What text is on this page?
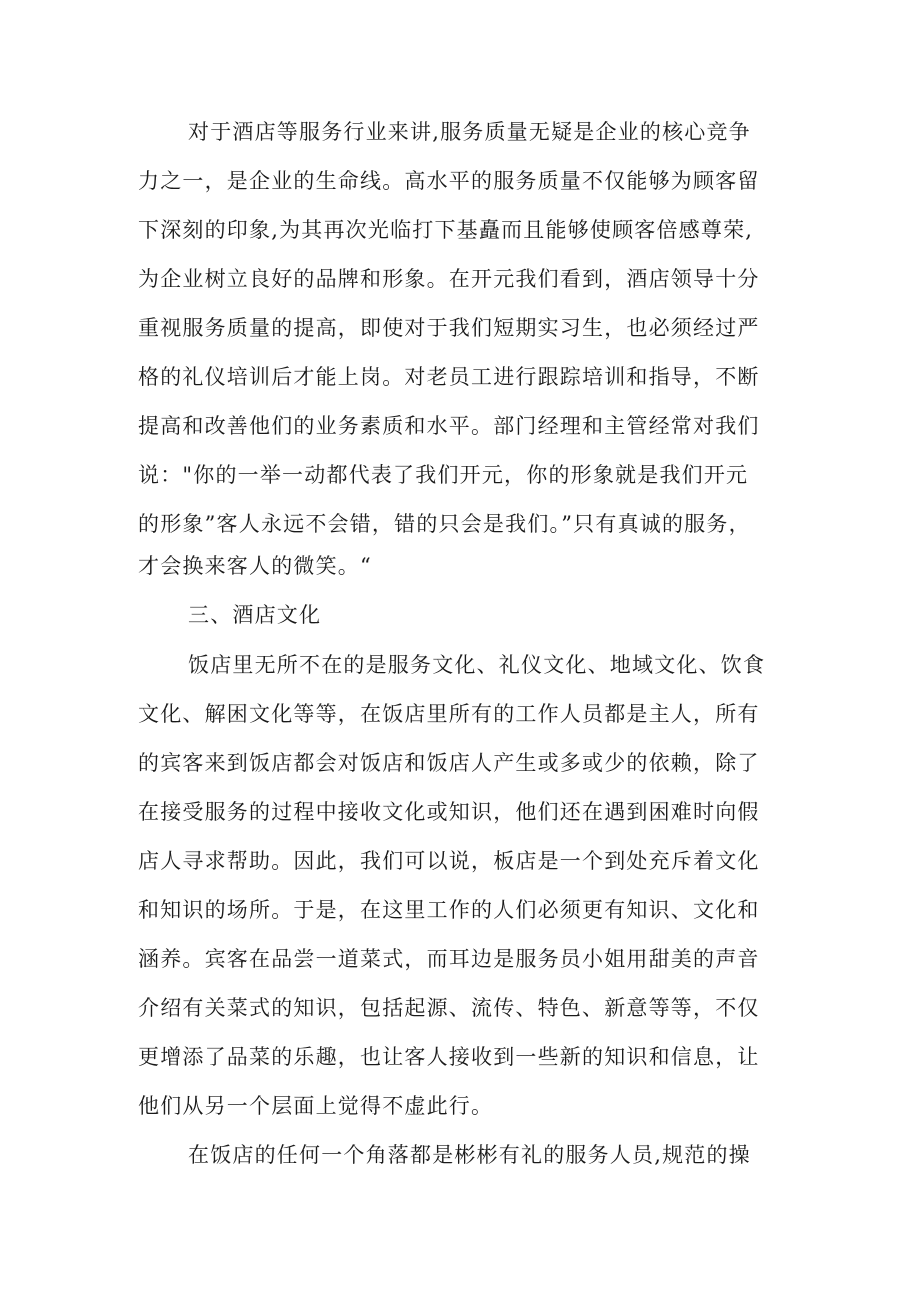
对于酒店等服务行业来讲,服务质量无疑是企业的核心竞争
力之一，是企业的生命线。高水平的服务质量不仅能够为顾客留
下深刻的印象,为其再次光临打下基矗而且能够使顾客倍感尊荣,
为企业树立良好的品牌和形象。在开元我们看到，酒店领导十分
重视服务质量的提高，即使对于我们短期实习生，也必须经过严
格的礼仪培训后才能上岗。对老员工进行跟踪培训和指导，不断
提高和改善他们的业务素质和水平。部门经理和主管经常对我们
说："你的一举一动都代表了我们开元，你的形象就是我们开元
的形象”客人永远不会错，错的只会是我们。”只有真诚的服务，
才会换来客人的微笑。“
三、酒店文化
饭店里无所不在的是服务文化、礼仪文化、地域文化、饮食
文化、解困文化等等，在饭店里所有的工作人员都是主人，所有
的宾客来到饭店都会对饭店和饭店人产生或多或少的依赖，除了
在接受服务的过程中接收文化或知识，他们还在遇到困难时向假
店人寻求帮助。因此，我们可以说，板店是一个到处充斥着文化
和知识的场所。于是，在这里工作的人们必须更有知识、文化和
涵养。宾客在品尝一道菜式，而耳边是服务员小姐用甜美的声音
介绍有关菜式的知识，包括起源、流传、特色、新意等等，不仅
更增添了品菜的乐趣，也让客人接收到一些新的知识和信息，让
他们从另一个层面上觉得不虚此行。
在饭店的任何一个角落都是彬彬有礼的服务人员,规范的操
